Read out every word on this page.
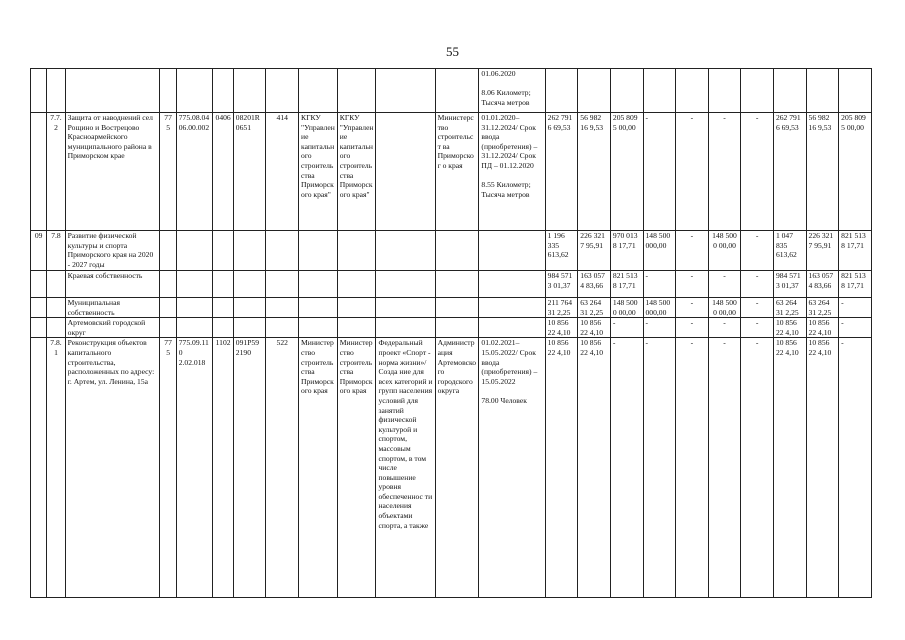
55
												01.06.2020

8.06 Километр;
Тысяча метров										
	7.7.2	Защита от наводнений сел Рощино и Вострецово Красноармейского муниципального района в Приморском крае	775	775.08.04 06.00.002	0406	08201R 0651	414	КГКУ "Управлен ие капитальн ого строитель ства Приморск ого края"	КГКУ "Управлен ие капитальн ого строитель ства Приморск ого края"		Министерс тво строительст ва Приморског о края	01.01.2020– 31.12.2024/ Срок ввода (приобретения) – 31.12.2024/ Срок ПД – 01.12.2020

8.55 Километр;
Тысяча метров	262 791 6 69,53	56 982 16 9,53	205 809 5 00,00	-	-	-	-	262 791 6 69,53	56 982 16 9,53	205 809 5 00,00
09	7.8	Развитие физической культуры и спорта Приморского края на 2020 - 2027 годы											1 196 335 613,62	226 321 7 95,91	970 013 8 17,71	148 500 000,00	-	148 500 0 00,00	-	1 047 835 613,62	226 321 7 95,91	821 513 8 17,71
		Краевая собственность											984 571 3 01,37	163 057 4 83,66	821 513 8 17,71	-	-	-	-	984 571 3 01,37	163 057 4 83,66	821 513 8 17,71
		Муниципальная собственность											211 764 31 2,25	63 264 31 2,25	148 500 0 00,00	148 500 000,00	-	148 500 0 00,00	-	63 264 31 2,25	63 264 31 2,25	-
		Артемовский городской округ											10 856 22 4,10	10 856 22 4,10	-	-	-	-	-	10 856 22 4,10	10 856 22 4,10	-
	7.8.1	Реконструкция объектов капитального строительства, расположенных по адресу: г. Артем, ул. Ленина, 15а	775	775.09.110 2.02.018	1102	091P59 2190	522	Министер ство строитель ства Приморск ого края	Министер ство строитель ства Приморск ого края	Федеральный проект «Спорт - норма жизни»/Созда ние для всех категорий и групп населения условий для занятий физической культурой и спортом, массовым спортом, в том числе повышение уровня обеспеченнос ти населения объектами спорта, а также	Администр ация Артемовско го городского округа	01.02.2021– 15.05.2022/ Срок ввода (приобретения) – 15.05.2022

78.00 Человек	10 856 22 4,10	10 856 22 4,10	-	-	-	-	-	10 856 22 4,10	10 856 22 4,10	-
